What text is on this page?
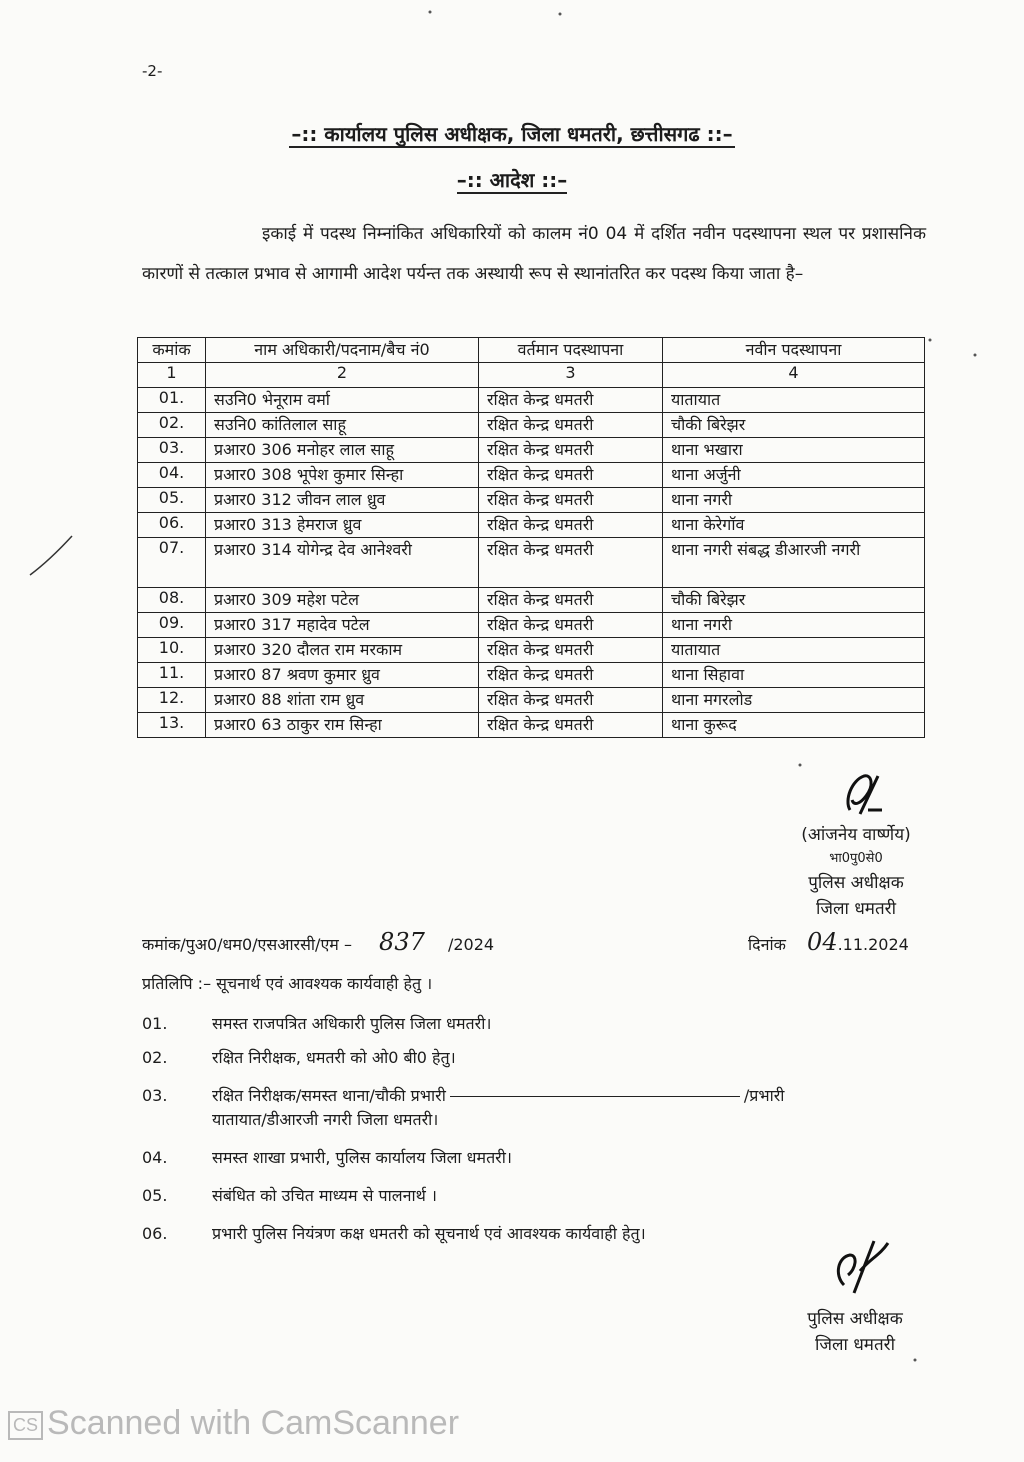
-2-
–:: कार्यालय पुलिस अधीक्षक, जिला धमतरी, छत्तीसगढ ::–
–:: आदेश ::–
इकाई में पदस्थ निम्नांकित अधिकारियों को कालम नं0 04 में दर्शित नवीन पदस्थापना स्थल पर प्रशासनिक कारणों से तत्काल प्रभाव से आगामी आदेश पर्यन्त तक अस्थायी रूप से स्थानांतरित कर पदस्थ किया जाता है–
कमांक	नाम अधिकारी/पदनाम/बैच नं0	वर्तमान पदस्थापना	नवीन पदस्थापना
1	2	3	4
01.	सउनि0 भेनूराम वर्मा	रक्षित केन्द्र धमतरी	यातायात
02.	सउनि0 कांतिलाल साहू	रक्षित केन्द्र धमतरी	चौकी बिरेझर
03.	प्रआर0 306 मनोहर लाल साहू	रक्षित केन्द्र धमतरी	थाना भखारा
04.	प्रआर0 308 भूपेश कुमार सिन्हा	रक्षित केन्द्र धमतरी	थाना अर्जुनी
05.	प्रआर0 312 जीवन लाल ध्रुव	रक्षित केन्द्र धमतरी	थाना नगरी
06.	प्रआर0 313 हेमराज ध्रुव	रक्षित केन्द्र धमतरी	थाना केरेगॉव
07.	प्रआर0 314 योगेन्द्र देव आनेश्वरी	रक्षित केन्द्र धमतरी	थाना नगरी संबद्ध डीआरजी नगरी
08.	प्रआर0 309 महेश पटेल	रक्षित केन्द्र धमतरी	चौकी बिरेझर
09.	प्रआर0 317 महादेव पटेल	रक्षित केन्द्र धमतरी	थाना नगरी
10.	प्रआर0 320 दौलत राम मरकाम	रक्षित केन्द्र धमतरी	यातायात
11.	प्रआर0 87 श्रवण कुमार ध्रुव	रक्षित केन्द्र धमतरी	थाना सिहावा
12.	प्रआर0 88 शांता राम ध्रुव	रक्षित केन्द्र धमतरी	थाना मगरलोड
13.	प्रआर0 63 ठाकुर राम सिन्हा	रक्षित केन्द्र धमतरी	थाना कुरूद
(आंजनेय वार्ष्णेय)
भा0पु0से0
पुलिस अधीक्षक
जिला धमतरी
कमांक/पुअ0/धम0/एसआरसी/एम – 837 /2024	दिनांक 04.11.2024
प्रतिलिपि :– सूचनार्थ एवं आवश्यक कार्यवाही हेतु ।
01.	समस्त राजपत्रित अधिकारी पुलिस जिला धमतरी।
02.	रक्षित निरीक्षक, धमतरी को ओ0 बी0 हेतु।
03.	रक्षित निरीक्षक/समस्त थाना/चौकी प्रभारी	/प्रभारी
यातायात/डीआरजी नगरी जिला धमतरी।
04.	समस्त शाखा प्रभारी, पुलिस कार्यालय जिला धमतरी।
05.	संबंधित को उचित माध्यम से पालनार्थ ।
06.	प्रभारी पुलिस नियंत्रण कक्ष धमतरी को सूचनार्थ एवं आवश्यक कार्यवाही हेतु।
पुलिस अधीक्षक
जिला धमतरी
CS Scanned with CamScanner
